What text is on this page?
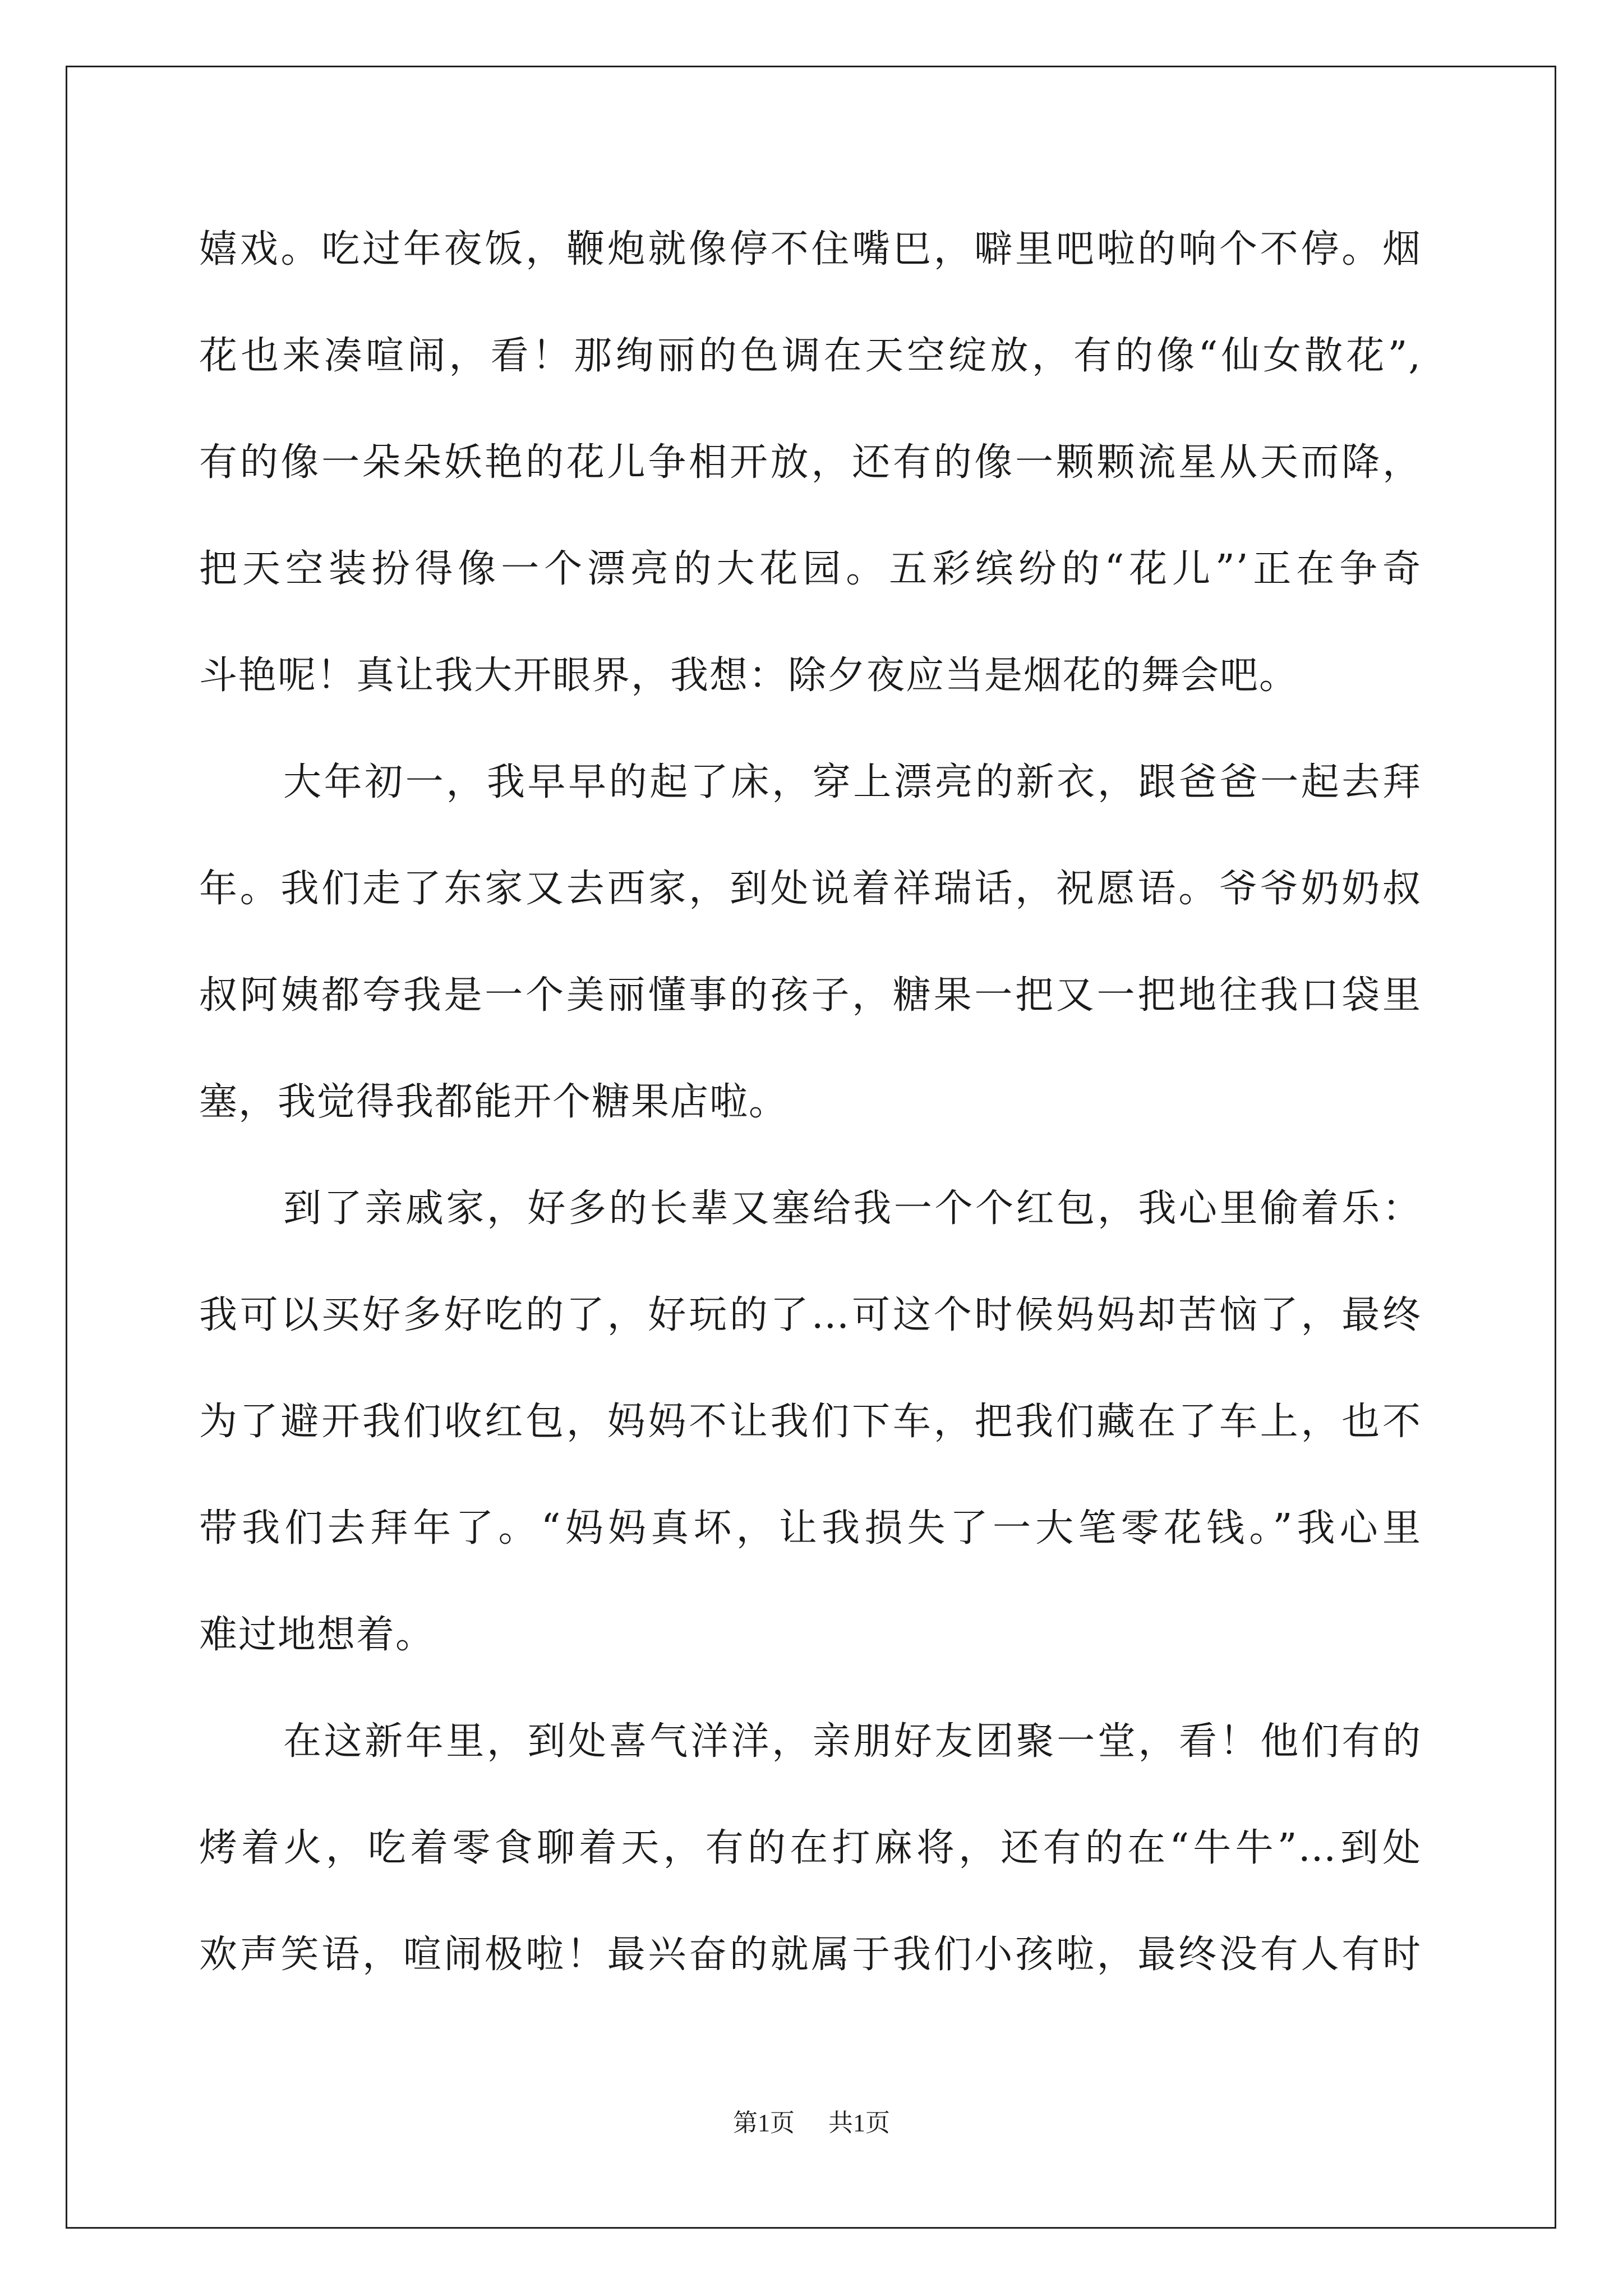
嬉戏。吃过年夜饭，鞭炮就像停不住嘴巴，噼里吧啦的响个不停。烟
花也来凑喧闹，看！那绚丽的色调在天空绽放，有的像“仙女散花”,
有的像一朵朵妖艳的花儿争相开放，还有的像一颗颗流星从天而降，
把天空装扮得像一个漂亮的大花园。五彩缤纷的“花儿”’正在争奇
斗艳呢！真让我大开眼界，我想：除夕夜应当是烟花的舞会吧。
大年初一，我早早的起了床，穿上漂亮的新衣，跟爸爸一起去拜
年。我们走了东家又去西家，到处说着祥瑞话，祝愿语。爷爷奶奶叔
叔阿姨都夸我是一个美丽懂事的孩子，糖果一把又一把地往我口袋里
塞，我觉得我都能开个糖果店啦。
到了亲戚家，好多的长辈又塞给我一个个红包，我心里偷着乐：
我可以买好多好吃的了，好玩的了…可这个时候妈妈却苦恼了，最终
为了避开我们收红包，妈妈不让我们下车，把我们藏在了车上，也不
带我们去拜年了。“妈妈真坏，让我损失了一大笔零花钱。”我心里
难过地想着。
在这新年里，到处喜气洋洋，亲朋好友团聚一堂，看！他们有的
烤着火，吃着零食聊着天，有的在打麻将，还有的在“牛牛”…到处
欢声笑语，喧闹极啦！最兴奋的就属于我们小孩啦，最终没有人有时
第1页 共1页
